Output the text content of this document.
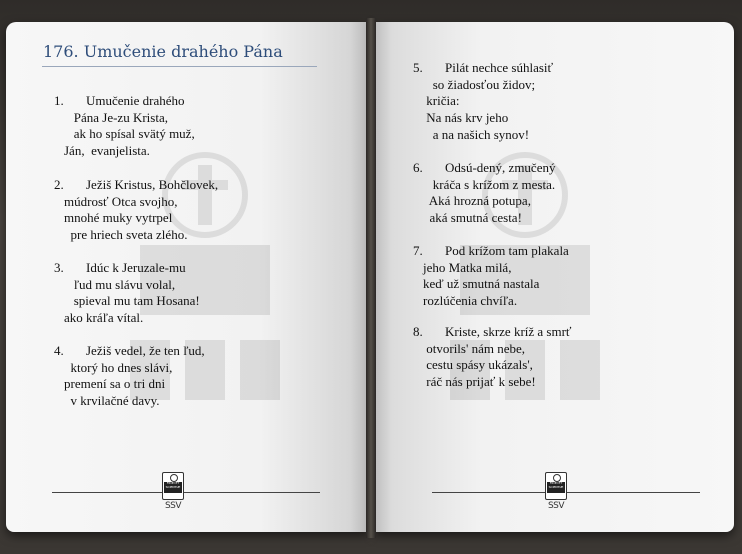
176. Umučenie drahého Pána
1. Umučenie drahého
Pána Je-zu Krista,
ak ho spísal svätý muž,
Ján,  evanjelista.
2. Ježiš Kristus, Bohčlovek,
múdrosť Otca svojho,
mnohé muky vytrpel
pre hriech sveta zlého.
3. Idúc k Jeruzale-mu
ľud mu slávu volal,
spieval mu tam Hosana!
ako kráľa vítal.
4. Ježiš vedel, že ten ľud,
ktorý ho dnes slávi,
premení sa o tri dni
v krvilačné davy.
5. Pilát nechce súhlasiť
so žiadosťou židov;
kričia:
Na nás krv jeho
a na našich synov!
6. Odsú-dený, zmučený
kráča s krížom z mesta.
Aká hrozná potupa,
aká smutná cesta!
7. Pod krížom tam plakala
jeho Matka milá,
keď už smutná nastala
rozlúčenia chvíľa.
8. Kriste, skrze kríž a smrť
otvorils' nám nebe,
cestu spásy ukázals',
ráč nás prijať k sebe!
FIDEI ET SCIENTIÆ
SSV
FIDEI ET SCIENTIÆ
SSV
